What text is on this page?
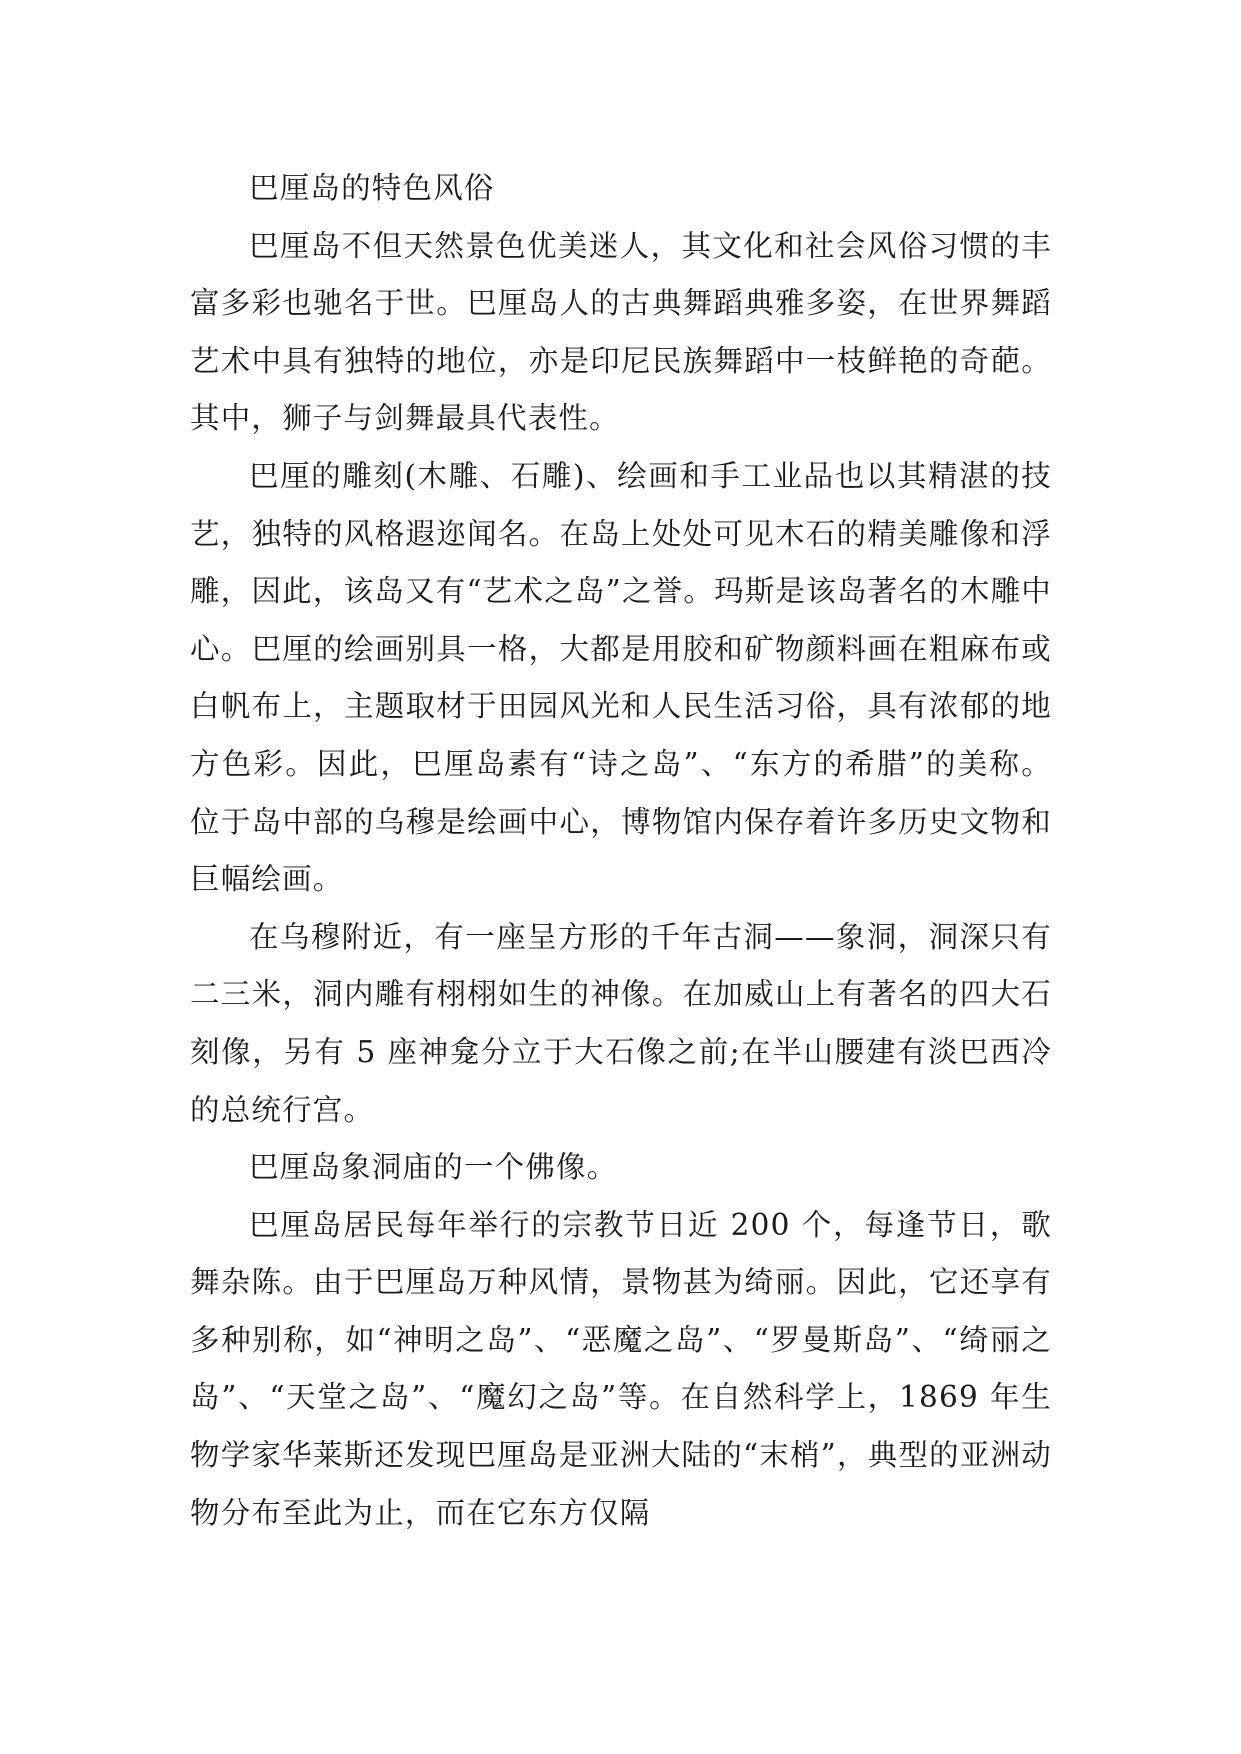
巴厘岛的特色风俗

巴厘岛不但天然景色优美迷人，其文化和社会风俗习惯的丰富多彩也驰名于世。巴厘岛人的古典舞蹈典雅多姿，在世界舞蹈艺术中具有独特的地位，亦是印尼民族舞蹈中一枝鲜艳的奇葩。其中，狮子与剑舞最具代表性。

巴厘的雕刻(木雕、石雕)、绘画和手工业品也以其精湛的技艺，独特的风格遐迩闻名。在岛上处处可见木石的精美雕像和浮雕，因此，该岛又有“艺术之岛”之誉。玛斯是该岛著名的木雕中心。巴厘的绘画别具一格，大都是用胶和矿物颜料画在粗麻布或白帆布上，主题取材于田园风光和人民生活习俗，具有浓郁的地方色彩。因此，巴厘岛素有“诗之岛”、“东方的希腊”的美称。位于岛中部的乌穆是绘画中心，博物馆内保存着许多历史文物和巨幅绘画。

在乌穆附近，有一座呈方形的千年古洞——象洞，洞深只有二三米，洞内雕有栩栩如生的神像。在加威山上有著名的四大石刻像，另有 5 座神龛分立于大石像之前;在半山腰建有淡巴西冷的总统行宫。

巴厘岛象洞庙的一个佛像。

巴厘岛居民每年举行的宗教节日近 200 个，每逢节日，歌舞杂陈。由于巴厘岛万种风情，景物甚为绮丽。因此，它还享有多种别称，如“神明之岛”、“恶魔之岛”、“罗曼斯岛”、“绮丽之岛”、“天堂之岛”、“魔幻之岛”等。在自然科学上，1869 年生物学家华莱斯还发现巴厘岛是亚洲大陆的“末梢”，典型的亚洲动物分布至此为止，而在它东方仅隔
